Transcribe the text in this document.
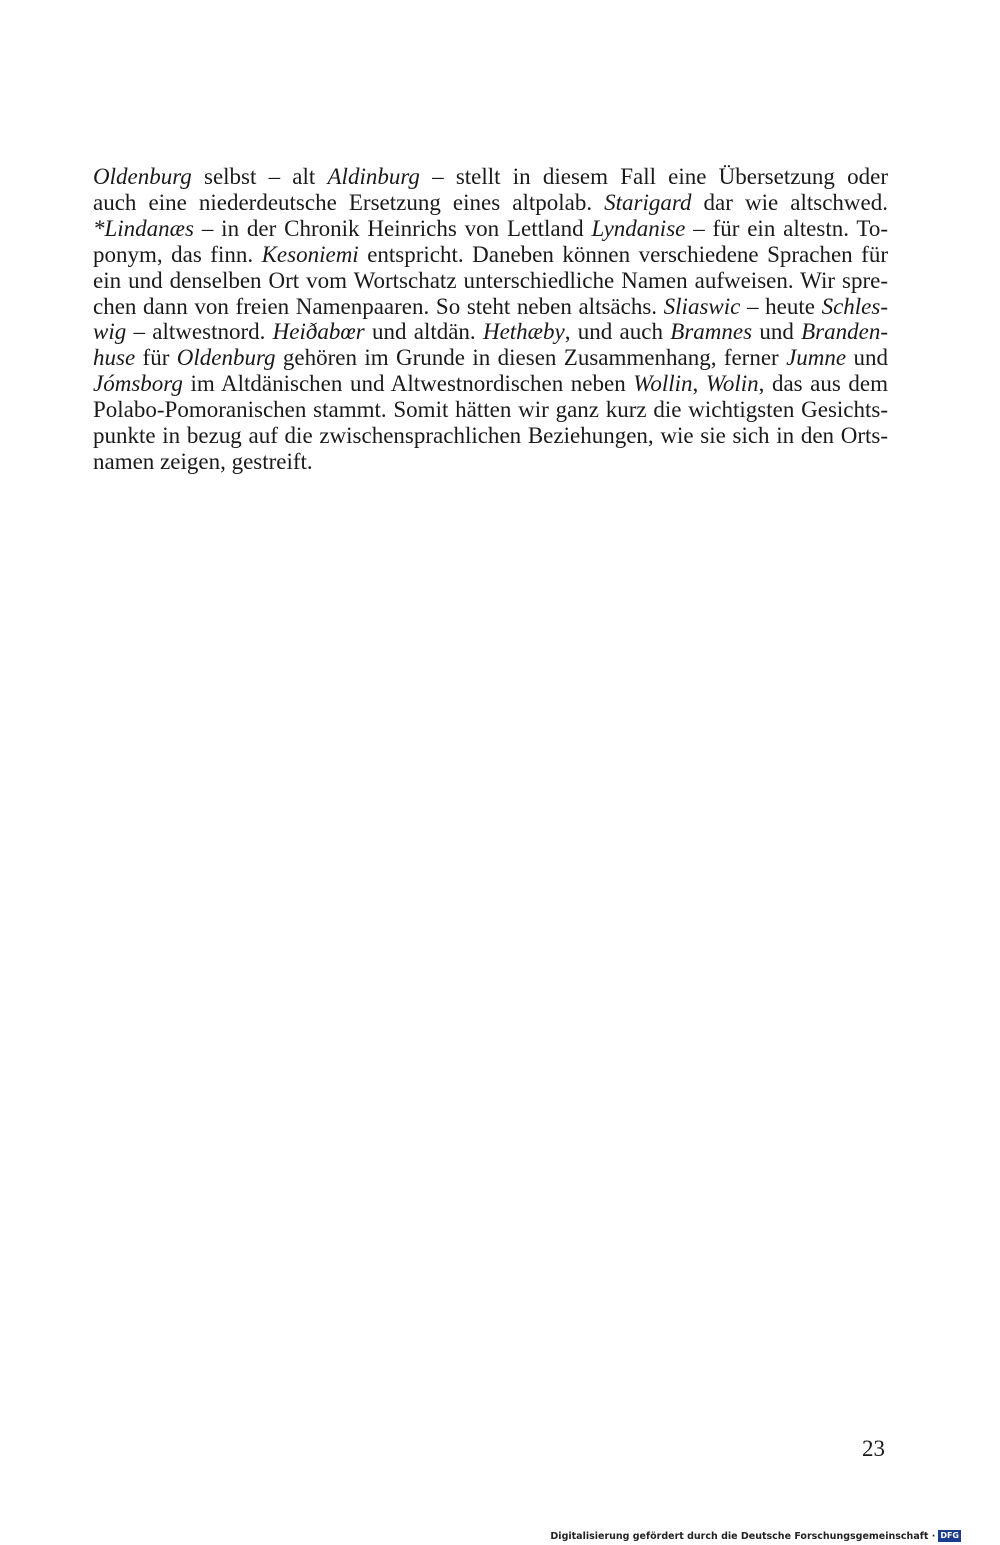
Oldenburg selbst – alt Aldinburg – stellt in diesem Fall eine Übersetzung oder
auch eine niederdeutsche Ersetzung eines altpolab. Starigard dar wie altschwed.
*Lindanæs – in der Chronik Heinrichs von Lettland Lyndanise – für ein altestn. To-
ponym, das finn. Kesoniemi entspricht. Daneben können verschiedene Sprachen für
ein und denselben Ort vom Wortschatz unterschiedliche Namen aufweisen. Wir spre-
chen dann von freien Namenpaaren. So steht neben altsächs. Sliaswic – heute Schles-
wig – altwestnord. Heiðabœr und altdän. Hethæby, und auch Bramnes und Branden-
huse für Oldenburg gehören im Grunde in diesen Zusammenhang, ferner Jumne und
Jómsborg im Altdänischen und Altwestnordischen neben Wollin, Wolin, das aus dem
Polabo-Pomoranischen stammt. Somit hätten wir ganz kurz die wichtigsten Gesichts-
punkte in bezug auf die zwischensprachlichen Beziehungen, wie sie sich in den Orts-
namen zeigen, gestreift.
23
Digitalisierung gefördert durch die Deutsche Forschungsgemeinschaft · DFG
